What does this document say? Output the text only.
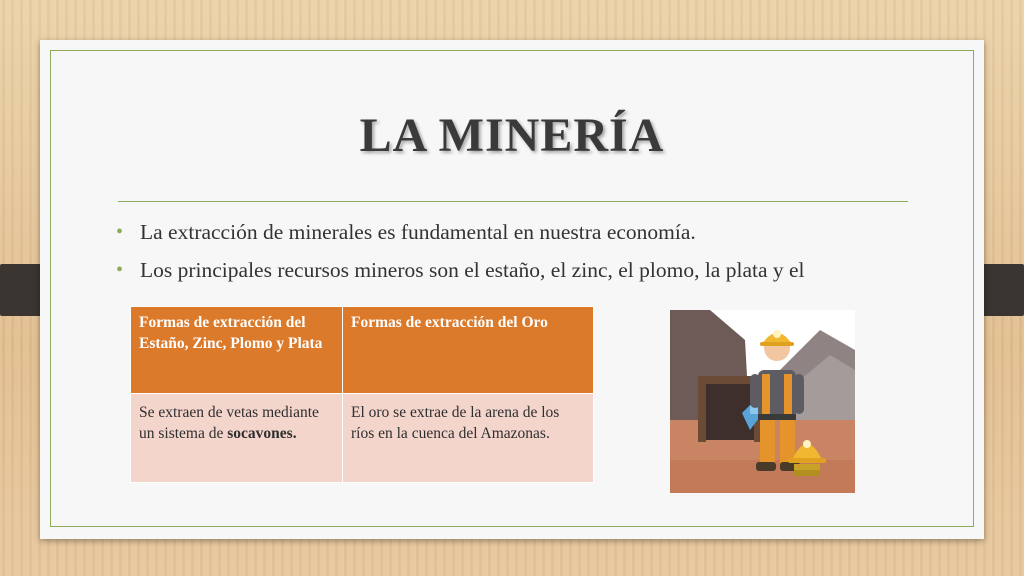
LA MINERÍA
• La extracción de minerales es fundamental en nuestra economía.
• Los principales recursos mineros son el estaño, el zinc, el plomo, la plata y el
Formas de extracción del Estaño, Zinc, Plomo y Plata	Formas de extracción del Oro
Se extraen de vetas mediante un sistema de socavones.	El oro se extrae de la arena de los ríos en la cuenca del Amazonas.
